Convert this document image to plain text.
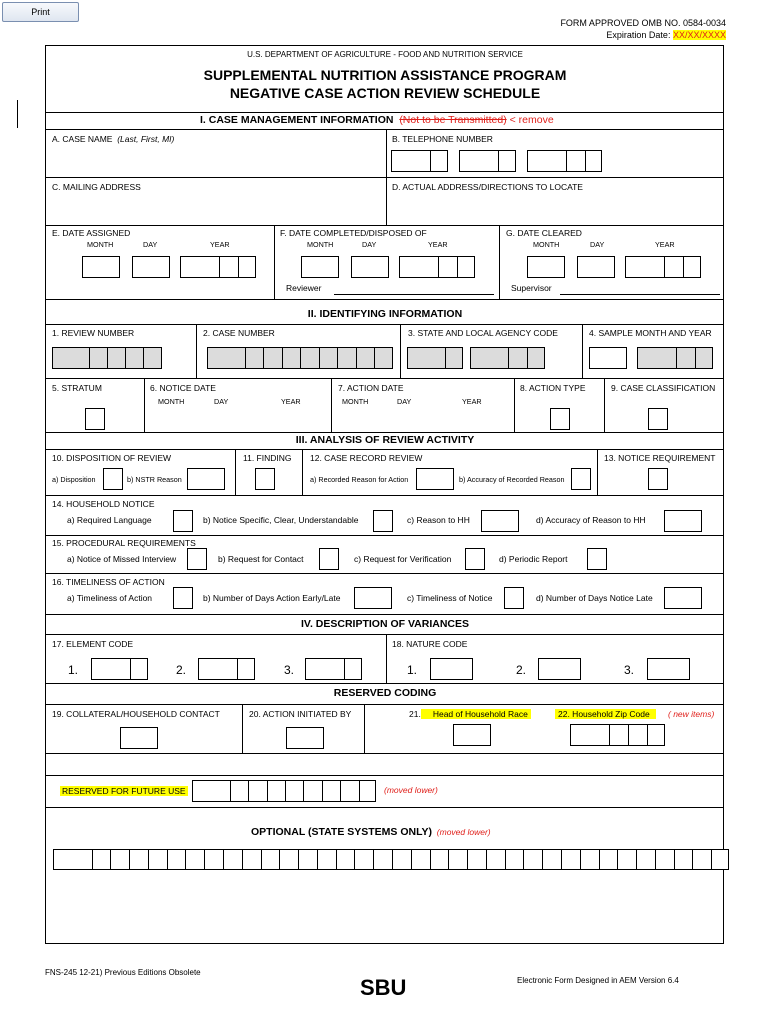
Print
FORM APPROVED OMB NO. 0584-0034
Expiration Date: XX/XX/XXXX
U.S. DEPARTMENT OF AGRICULTURE - FOOD AND NUTRITION SERVICE
SUPPLEMENTAL NUTRITION ASSISTANCE PROGRAM
NEGATIVE CASE ACTION REVIEW SCHEDULE
I. CASE MANAGEMENT INFORMATION (Not to be Transmitted) < remove
A. CASE NAME (Last, First, MI)	B. TELEPHONE NUMBER
C. MAILING ADDRESS	D. ACTUAL ADDRESS/DIRECTIONS TO LOCATE
E. DATE ASSIGNED	F. DATE COMPLETED/DISPOSED OF	G. DATE CLEARED
MONTH	DAY	YEAR	MONTH	DAY	YEAR	MONTH	DAY	YEAR
Reviewer	Supervisor
II. IDENTIFYING INFORMATION
1. REVIEW NUMBER	2. CASE NUMBER	3. STATE AND LOCAL AGENCY CODE	4. SAMPLE MONTH AND YEAR
5. STRATUM	6. NOTICE DATE	7. ACTION DATE	8. ACTION TYPE	9. CASE CLASSIFICATION
MONTH	DAY	YEAR	MONTH	DAY	YEAR
III. ANALYSIS OF REVIEW ACTIVITY
10. DISPOSITION OF REVIEW	11. FINDING 12. CASE RECORD REVIEW	13. NOTICE REQUIREMENT
a) Disposition	b) NSTR Reason	a) Recorded Reason for Action	b) Accuracy of Recorded Reason
14. HOUSEHOLD NOTICE
a) Required Language	b) Notice Specific, Clear, Understandable	c) Reason to HH	d) Accuracy of Reason to HH
15. PROCEDURAL REQUIREMENTS
a) Notice of Missed Interview	b) Request for Contact	c) Request for Verification	d) Periodic Report
16. TIMELINESS OF ACTION
a) Timeliness of Action	b) Number of Days Action Early/Late	c) Timeliness of Notice	d) Number of Days Notice Late
IV. DESCRIPTION OF VARIANCES
17. ELEMENT CODE	18. NATURE CODE
1.	2.	3.	1.	2.	3.
RESERVED CODING
19. COLLATERAL/HOUSEHOLD CONTACT	20. ACTION INITIATED BY	21. Head of Household Race	22. Household Zip Code	( new items)
RESERVED FOR FUTURE USE	(moved lower)
OPTIONAL (STATE SYSTEMS ONLY) (moved lower)
FNS-245 12-21) Previous Editions Obsolete
SBU	Electronic Form Designed in AEM Version 6.4
